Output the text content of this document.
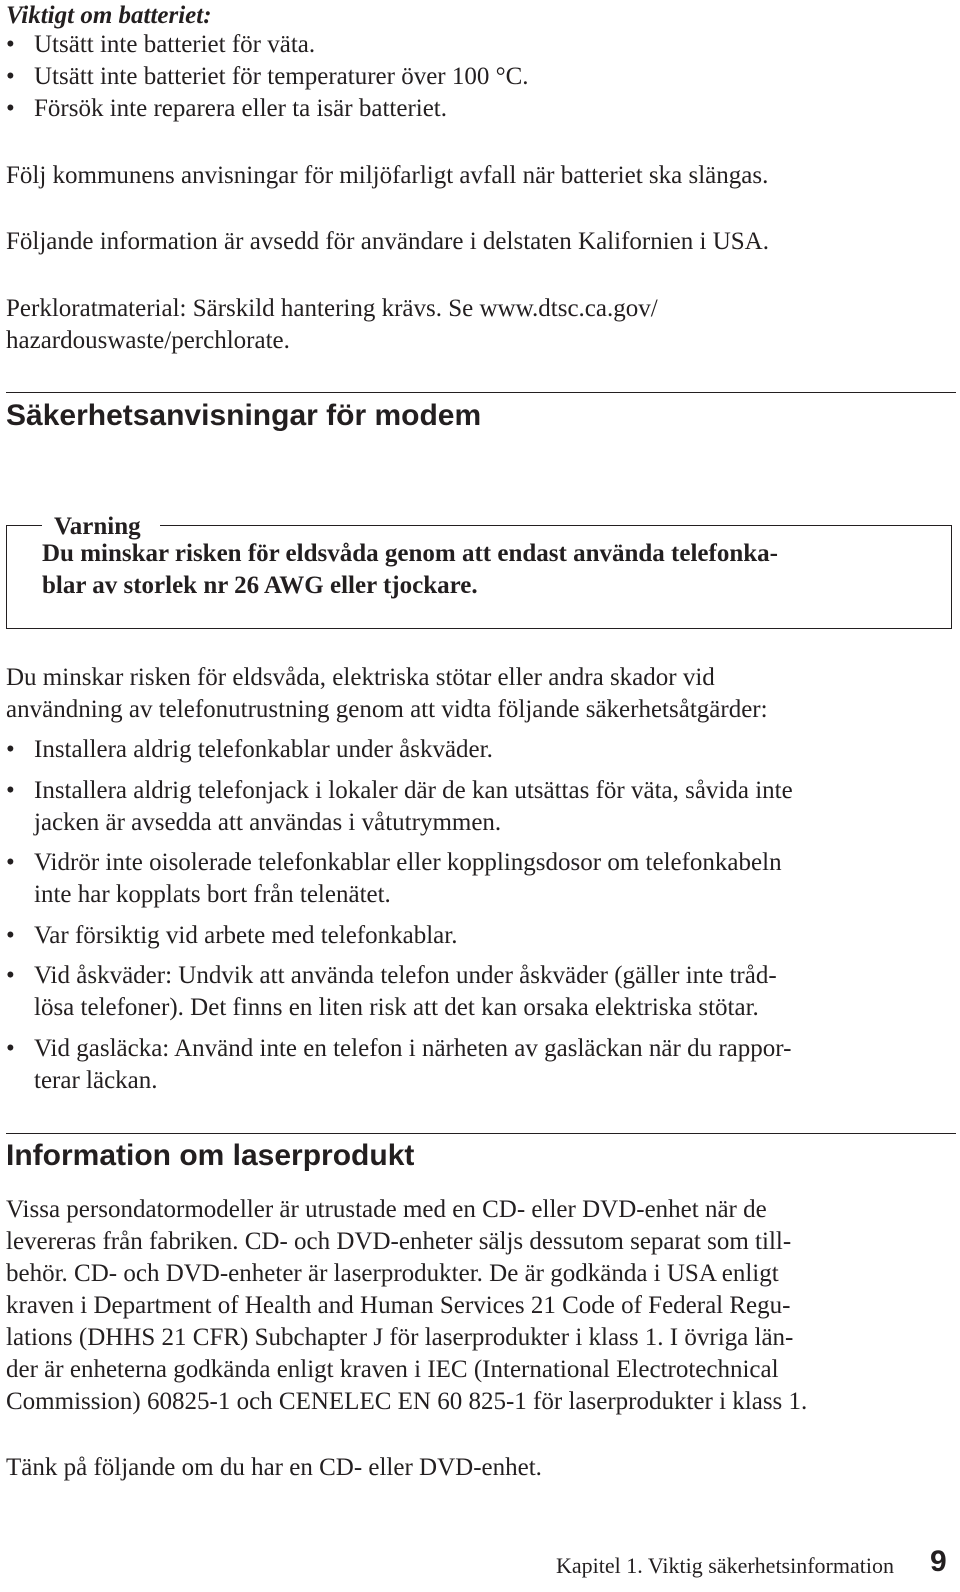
Viktigt om batteriet:
• Utsätt inte batteriet för väta.
• Utsätt inte batteriet för temperaturer över 100 °C.
• Försök inte reparera eller ta isär batteriet.
Följ kommunens anvisningar för miljöfarligt avfall när batteriet ska slängas.
Följande information är avsedd för användare i delstaten Kalifornien i USA.
Perkloratmaterial: Särskild hantering krävs. Se www.dtsc.ca.gov/
hazardouswaste/perchlorate.
Säkerhetsanvisningar för modem
Varning
Du minskar risken för eldsvåda genom att endast använda telefonka-
blar av storlek nr 26 AWG eller tjockare.
Du minskar risken för eldsvåda, elektriska stötar eller andra skador vid
användning av telefonutrustning genom att vidta följande säkerhetsåtgärder:
• Installera aldrig telefonkablar under åskväder.
• Installera aldrig telefonjack i lokaler där de kan utsättas för väta, såvida inte
jacken är avsedda att användas i våtutrymmen.
• Vidrör inte oisolerade telefonkablar eller kopplingsdosor om telefonkabeln
inte har kopplats bort från telenätet.
• Var försiktig vid arbete med telefonkablar.
• Vid åskväder: Undvik att använda telefon under åskväder (gäller inte tråd-
lösa telefoner). Det finns en liten risk att det kan orsaka elektriska stötar.
• Vid gasläcka: Använd inte en telefon i närheten av gasläckan när du rappor-
terar läckan.
Information om laserprodukt
Vissa persondatormodeller är utrustade med en CD- eller DVD-enhet när de
levereras från fabriken. CD- och DVD-enheter säljs dessutom separat som till-
behör. CD- och DVD-enheter är laserprodukter. De är godkända i USA enligt
kraven i Department of Health and Human Services 21 Code of Federal Regu-
lations (DHHS 21 CFR) Subchapter J för laserprodukter i klass 1. I övriga län-
der är enheterna godkända enligt kraven i IEC (International Electrotechnical
Commission) 60825-1 och CENELEC EN 60 825-1 för laserprodukter i klass 1.
Tänk på följande om du har en CD- eller DVD-enhet.
Kapitel 1. Viktig säkerhetsinformation 9
